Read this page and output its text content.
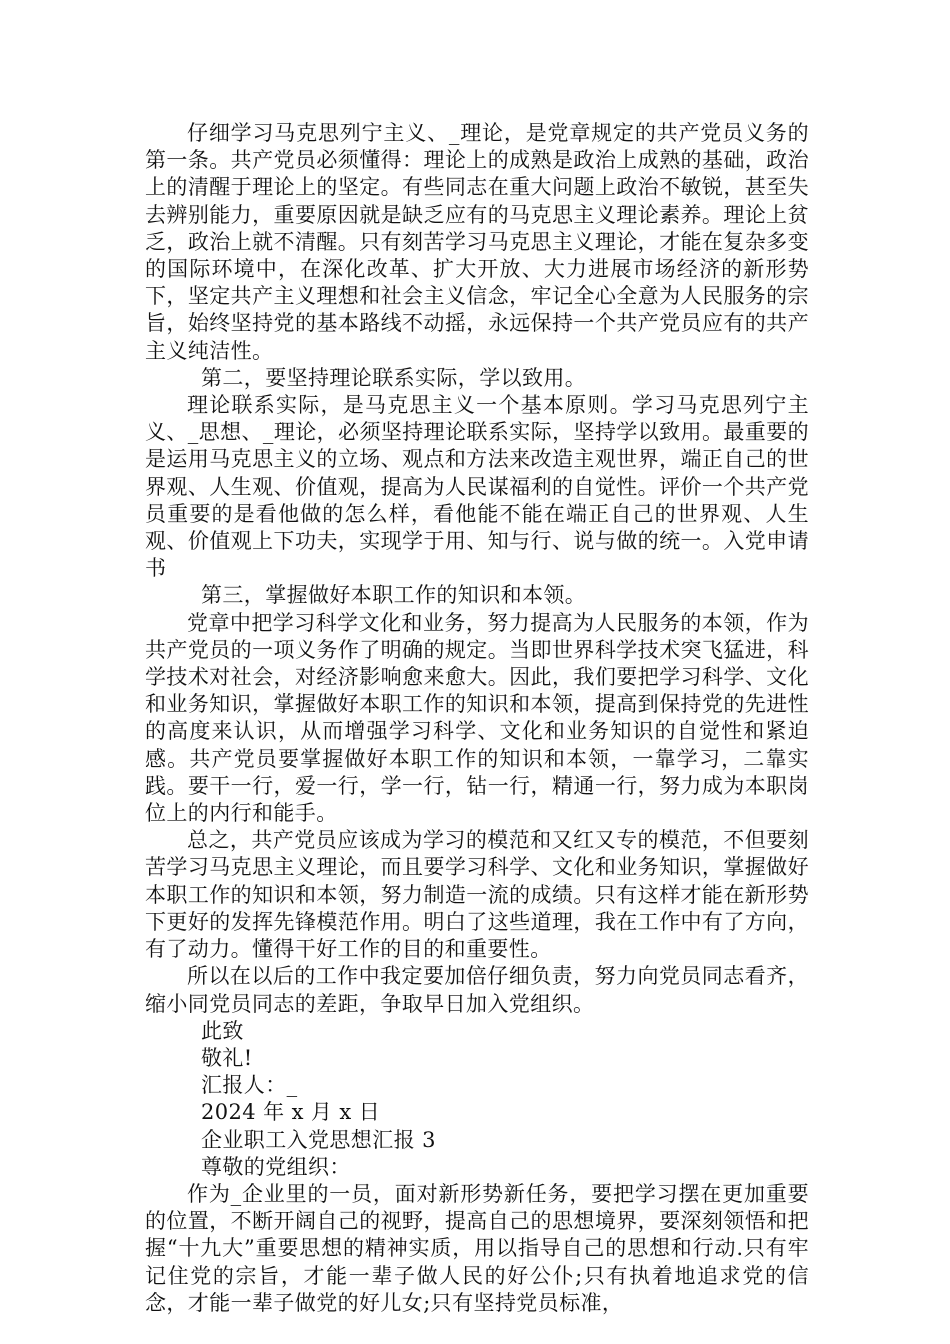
仔细学习马克思列宁主义、_理论，是党章规定的共产党员义务的第一条。共产党员必须懂得：理论上的成熟是政治上成熟的基础，政治上的清醒于理论上的坚定。有些同志在重大问题上政治不敏锐，甚至失去辨别能力，重要原因就是缺乏应有的马克思主义理论素养。理论上贫乏，政治上就不清醒。只有刻苦学习马克思主义理论，才能在复杂多变的国际环境中，在深化改革、扩大开放、大力进展市场经济的新形势下，坚定共产主义理想和社会主义信念，牢记全心全意为人民服务的宗旨，始终坚持党的基本路线不动摇，永远保持一个共产党员应有的共产主义纯洁性。

第二，要坚持理论联系实际，学以致用。

理论联系实际，是马克思主义一个基本原则。学习马克思列宁主义、_思想、_理论，必须坚持理论联系实际，坚持学以致用。最重要的是运用马克思主义的立场、观点和方法来改造主观世界，端正自己的世界观、人生观、价值观，提高为人民谋福利的自觉性。评价一个共产党员重要的是看他做的怎么样，看他能不能在端正自己的世界观、人生观、价值观上下功夫，实现学于用、知与行、说与做的统一。入党申请书

第三，掌握做好本职工作的知识和本领。

党章中把学习科学文化和业务，努力提高为人民服务的本领，作为共产党员的一项义务作了明确的规定。当即世界科学技术突飞猛进，科学技术对社会，对经济影响愈来愈大。因此，我们要把学习科学、文化和业务知识，掌握做好本职工作的知识和本领，提高到保持党的先进性的高度来认识，从而增强学习科学、文化和业务知识的自觉性和紧迫感。共产党员要掌握做好本职工作的知识和本领，一靠学习，二靠实践。要干一行，爱一行，学一行，钻一行，精通一行，努力成为本职岗位上的内行和能手。

总之，共产党员应该成为学习的模范和又红又专的模范，不但要刻苦学习马克思主义理论，而且要学习科学、文化和业务知识，掌握做好本职工作的知识和本领，努力制造一流的成绩。只有这样才能在新形势下更好的发挥先锋模范作用。明白了这些道理，我在工作中有了方向，有了动力。懂得干好工作的目的和重要性。

所以在以后的工作中我定要加倍仔细负责，努力向党员同志看齐，缩小同党员同志的差距，争取早日加入党组织。

此致

敬礼!

汇报人：_

2024 年 x 月 x 日

企业职工入党思想汇报 3

尊敬的党组织：

作为_企业里的一员，面对新形势新任务，要把学习摆在更加重要的位置，不断开阔自己的视野，提高自己的思想境界，要深刻领悟和把握“十九大”重要思想的精神实质，用以指导自己的思想和行动.只有牢记住党的宗旨，才能一辈子做人民的好公仆;只有执着地追求党的信念，才能一辈子做党的好儿女;只有坚持党员标准，
